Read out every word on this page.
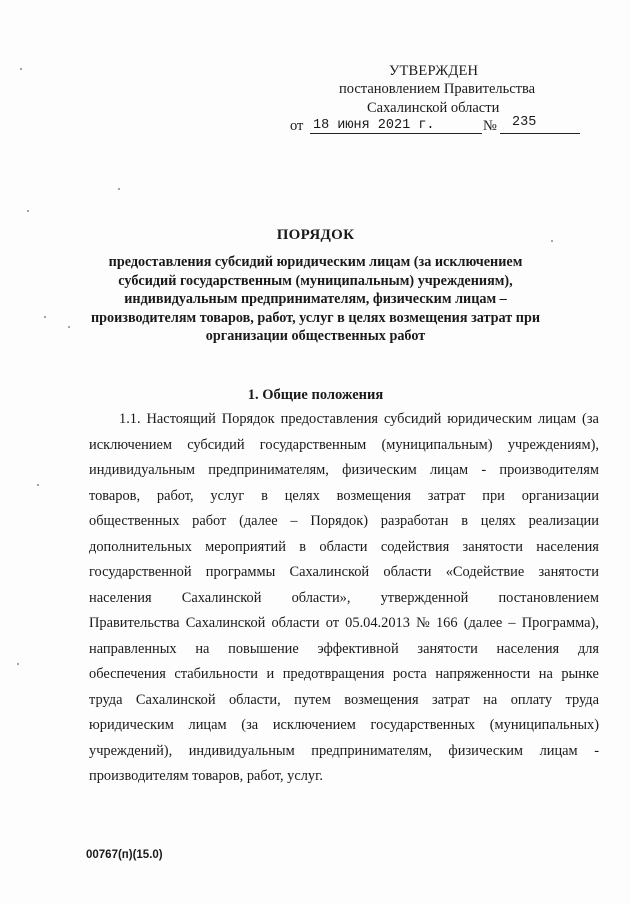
УТВЕРЖДЕН
постановлением Правительства
Сахалинской области
от 18 июня 2021 г.	№	235
ПОРЯДОК
предоставления субсидий юридическим лицам (за исключением
субсидий государственным (муниципальным) учреждениям),
индивидуальным предпринимателям, физическим лицам –
производителям товаров, работ, услуг в целях возмещения затрат при
организации общественных работ
1. Общие положения
1.1. Настоящий Порядок предоставления субсидий юридическим лицам (за
исключением субсидий государственным (муниципальным) учреждениям),
индивидуальным предпринимателям, физическим лицам - производителям
товаров, работ, услуг в целях возмещения затрат при организации
общественных работ (далее – Порядок) разработан в целях реализации
дополнительных мероприятий в области содействия занятости населения
государственной программы Сахалинской области «Содействие занятости
населения Сахалинской области», утвержденной постановлением
Правительства Сахалинской области от 05.04.2013 № 166 (далее – Программа),
направленных на повышение эффективной занятости населения для
обеспечения стабильности и предотвращения роста напряженности на рынке
труда Сахалинской области, путем возмещения затрат на оплату труда
юридическим лицам (за исключением государственных (муниципальных)
учреждений), индивидуальным предпринимателям, физическим лицам -
производителям товаров, работ, услуг.
00767(п)(15.0)
